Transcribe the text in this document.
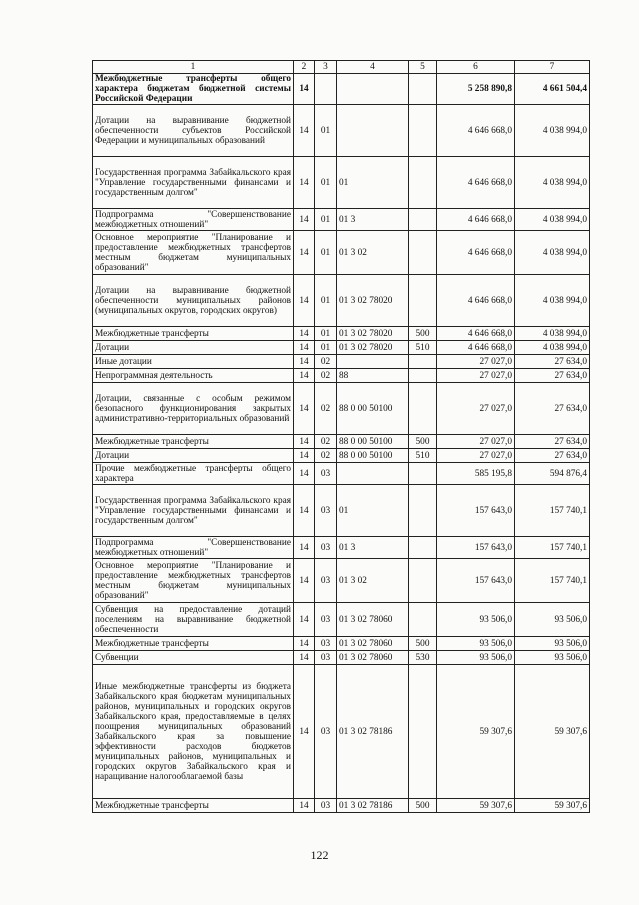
1	2	3	4	5	6	7
Межбюджетные трансферты общего характера бюджетам бюджетной системы Российской Федерации	14				5 258 890,8	4 661 504,4
Дотации на выравнивание бюджетной обеспеченности субъектов Российской Федерации и муниципальных образований	14	01			4 646 668,0	4 038 994,0
Государственная программа Забайкальского края "Управление государственными финансами и государственным долгом"	14	01	01		4 646 668,0	4 038 994,0
Подпрограмма "Совершенствование межбюджетных отношений"	14	01	01 3		4 646 668,0	4 038 994,0
Основное мероприятие "Планирование и предоставление межбюджетных трансфертов местным бюджетам муниципальных образований"	14	01	01 3 02		4 646 668,0	4 038 994,0
Дотации на выравнивание бюджетной обеспеченности муниципальных районов (муниципальных округов, городских округов)	14	01	01 3 02 78020		4 646 668,0	4 038 994,0
Межбюджетные трансферты	14	01	01 3 02 78020	500	4 646 668,0	4 038 994,0
Дотации	14	01	01 3 02 78020	510	4 646 668,0	4 038 994,0
Иные дотации	14	02			27 027,0	27 634,0
Непрограммная деятельность	14	02	88		27 027,0	27 634,0
Дотации, связанные с особым режимом безопасного функционирования закрытых административно-территориальных образований	14	02	88 0 00 50100		27 027,0	27 634,0
Межбюджетные трансферты	14	02	88 0 00 50100	500	27 027,0	27 634,0
Дотации	14	02	88 0 00 50100	510	27 027,0	27 634,0
Прочие межбюджетные трансферты общего характера	14	03			585 195,8	594 876,4
Государственная программа Забайкальского края "Управление государственными финансами и государственным долгом"	14	03	01		157 643,0	157 740,1
Подпрограмма "Совершенствование межбюджетных отношений"	14	03	01 3		157 643,0	157 740,1
Основное мероприятие "Планирование и предоставление межбюджетных трансфертов местным бюджетам муниципальных образований"	14	03	01 3 02		157 643,0	157 740,1
Субвенция на предоставление дотаций поселениям на выравнивание бюджетной обеспеченности	14	03	01 3 02 78060		93 506,0	93 506,0
Межбюджетные трансферты	14	03	01 3 02 78060	500	93 506,0	93 506,0
Субвенции	14	03	01 3 02 78060	530	93 506,0	93 506,0
Иные межбюджетные трансферты из бюджета Забайкальского края бюджетам муниципальных районов, муниципальных и городских округов Забайкальского края, предоставляемые в целях поощрения муниципальных образований Забайкальского края за повышение эффективности расходов бюджетов муниципальных районов, муниципальных и городских округов Забайкальского края и наращивание налогооблагаемой базы	14	03	01 3 02 78186		59 307,6	59 307,6
Межбюджетные трансферты	14	03	01 3 02 78186	500	59 307,6	59 307,6
122
